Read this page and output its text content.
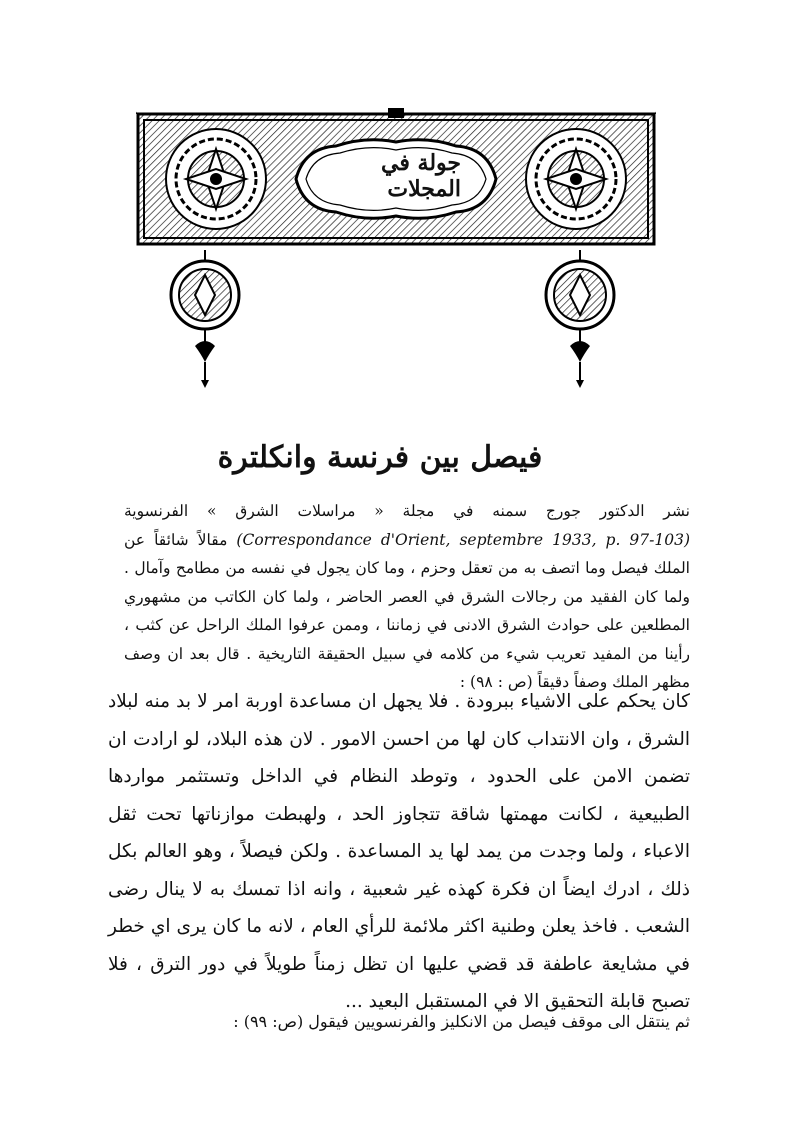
جولة في المجلات
فيصل بين فرنسة وانكلترة

نشر الدكتور جورج سمنه في مجلة « مراسلات الشرق » الفرنسوية (Correspondance d'Orient, septembre 1933, p. 97-103) مقالاً شائقاً عن الملك فيصل وما اتصف به من تعقل وحزم ، وما كان يجول في نفسه من مطامح وآمال . ولما كان الفقيد من رجالات الشرق في العصر الحاضر ، ولما كان الكاتب من مشهوري المطلعين على حوادث الشرق الادنى في زماننا ، وممن عرفوا الملك الراحل عن كثب ، رأينا من المفيد تعريب شيء من كلامه في سبيل الحقيقة التاريخية . قال بعد ان وصف مظهر الملك وصفاً دقيقاً (ص : ٩٨) :

كان يحكم على الاشياء ببرودة . فلا يجهل ان مساعدة اوربة امر لا بد منه لبلاد الشرق ، وان الانتداب كان لها من احسن الامور . لان هذه البلاد، لو ارادت ان تضمن الامن على الحدود ، وتوطد النظام في الداخل وتستثمر مواردها الطبيعية ، لكانت مهمتها شاقة تتجاوز الحد ، ولهبطت موازناتها تحت ثقل الاعباء ، ولما وجدت من يمد لها يد المساعدة . ولكن فيصلاً ، وهو العالم بكل ذلك ، ادرك ايضاً ان فكرة كهذه غير شعبية ، وانه اذا تمسك به لا ينال رضى الشعب . فاخذ يعلن وطنية اكثر ملائمة للرأي العام ، لانه ما كان يرى اي خطر في مشايعة عاطفة قد قضي عليها ان تظل زمناً طويلاً في دور الترق ، فلا تصبح قابلة التحقيق الا في المستقبل البعيد ...

ثم ينتقل الى موقف فيصل من الانكليز والفرنسويين فيقول (ص: ٩٩) :
